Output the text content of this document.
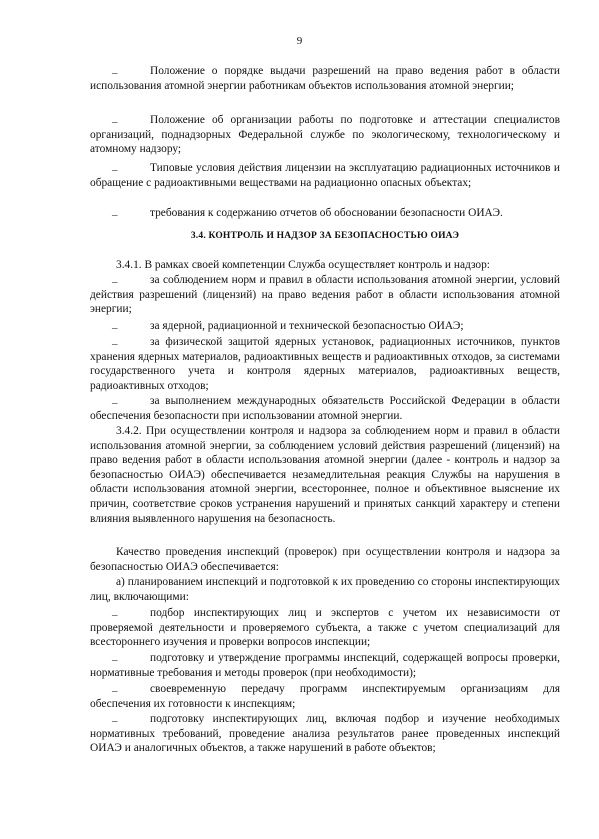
9
–	Положение о порядке выдачи разрешений на право ведения работ в области использования атомной энергии работникам объектов использования атомной энергии;
–	Положение об организации работы по подготовке и аттестации специалистов организаций, поднадзорных Федеральной службе по экологическому, технологическому и атомному надзору;
–	Типовые условия действия лицензии на эксплуатацию радиационных источников и обращение с радиоактивными веществами на радиационно опасных объектах;
–	требования к содержанию отчетов об обосновании безопасности ОИАЭ.
3.4. КОНТРОЛЬ И НАДЗОР ЗА БЕЗОПАСНОСТЬЮ ОИАЭ
3.4.1. В рамках своей компетенции Служба осуществляет контроль и надзор:
–	за соблюдением норм и правил в области использования атомной энергии, условий действия разрешений (лицензий) на право ведения работ в области использования атомной энергии;
–	за ядерной, радиационной и технической безопасностью ОИАЭ;
–	за физической защитой ядерных установок, радиационных источников, пунктов хранения ядерных материалов, радиоактивных веществ и радиоактивных отходов, за системами государственного учета и контроля ядерных материалов, радиоактивных веществ, радиоактивных отходов;
–	за выполнением международных обязательств Российской Федерации в области обеспечения безопасности при использовании атомной энергии.
3.4.2. При осуществлении контроля и надзора за соблюдением норм и правил в области использования атомной энергии, за соблюдением условий действия разрешений (лицензий) на право ведения работ в области использования атомной энергии (далее - контроль и надзор за безопасностью ОИАЭ) обеспечивается незамедлительная реакция Службы на нарушения в области использования атомной энергии, всестороннее, полное и объективное выяснение их причин, соответствие сроков устранения нарушений и принятых санкций характеру и степени влияния выявленного нарушения на безопасность.
Качество проведения инспекций (проверок) при осуществлении контроля и надзора за безопасностью ОИАЭ обеспечивается:
а) планированием инспекций и подготовкой к их проведению со стороны инспектирующих лиц, включающими:
–	подбор инспектирующих лиц и экспертов с учетом их независимости от проверяемой деятельности и проверяемого субъекта, а также с учетом специализаций для всестороннего изучения и проверки вопросов инспекции;
–	подготовку и утверждение программы инспекций, содержащей вопросы проверки, нормативные требования и методы проверок (при необходимости);
–	своевременную передачу программ инспектируемым организациям для обеспечения их готовности к инспекциям;
–	подготовку инспектирующих лиц, включая подбор и изучение необходимых нормативных требований, проведение анализа результатов ранее проведенных инспекций ОИАЭ и аналогичных объектов, а также нарушений в работе объектов;
